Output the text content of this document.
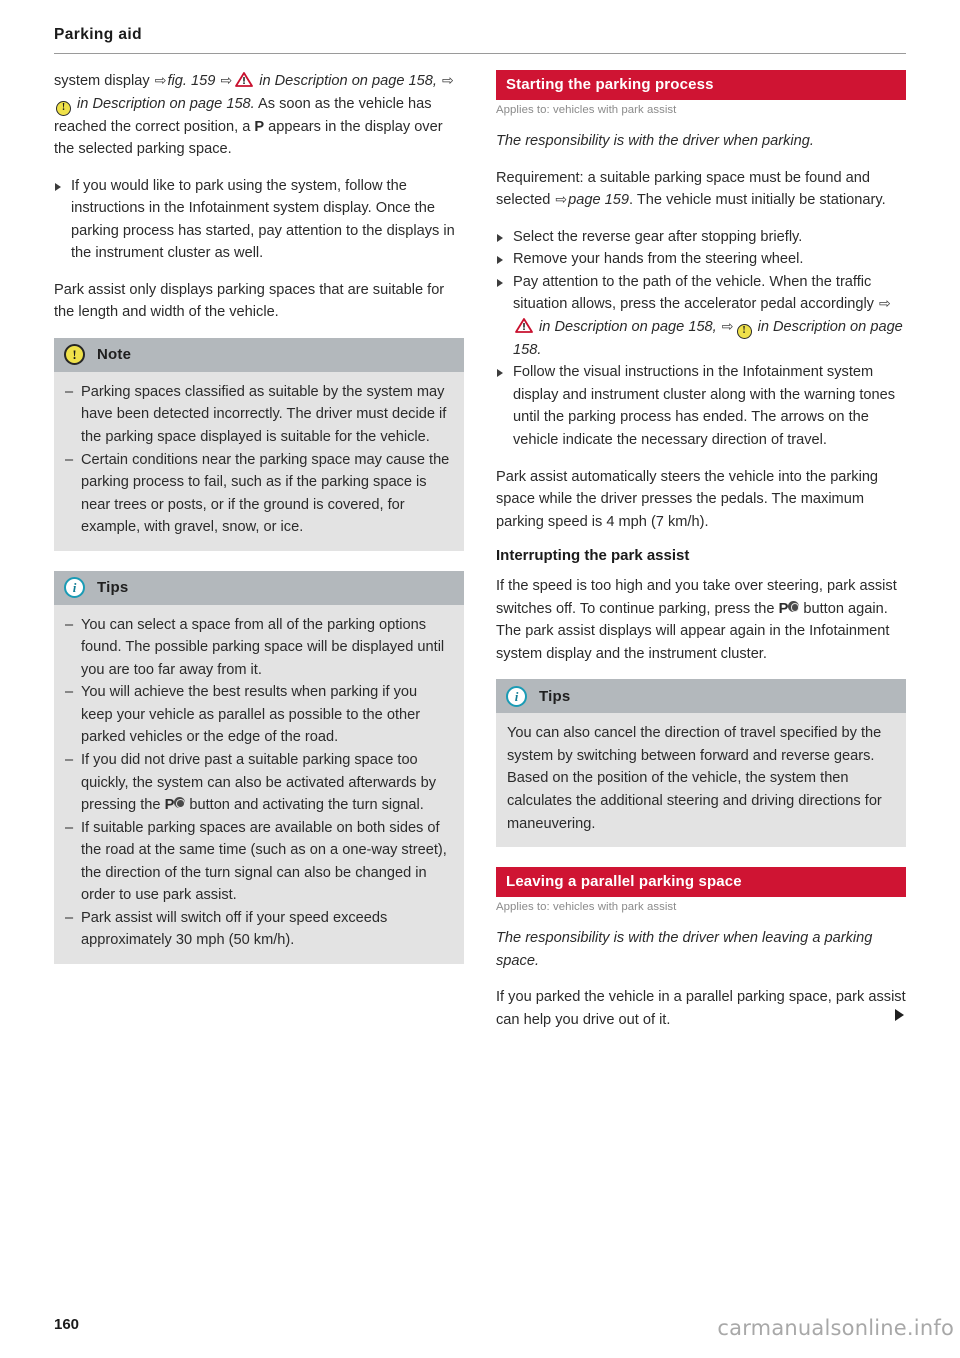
Parking aid

system display ⇨fig. 159 ⇨
in Description on page 158, ⇨! in Description on page 158. As soon as the vehicle has reached the correct position, a P appears in the display over the selected parking space.

If you would like to park using the system, follow the instructions in the Infotainment system display. Once the parking process has started, pay attention to the displays in the instrument cluster as well.

Park assist only displays parking spaces that are suitable for the length and width of the vehicle.

!	Note
– Parking spaces classified as suitable by the system may have been detected incorrectly. The driver must decide if the parking space displayed is suitable for the vehicle.
– Certain conditions near the parking space may cause the parking process to fail, such as if the parking space is near trees or posts, or if the ground is covered, for example, with gravel, snow, or ice.
i	Tips
– You can select a space from all of the parking options found. The possible parking space will be displayed until you are too far away from it.
– You will achieve the best results when parking if you keep your vehicle as parallel as possible to the other parked vehicles or the edge of the road.
– If you did not drive past a suitable parking space too quickly, the system can also be activated afterwards by pressing the P button and activating the turn signal.
– If suitable parking spaces are available on both sides of the road at the same time (such as on a one-way street), the direction of the turn signal can also be changed in order to use park assist.
– Park assist will switch off if your speed exceeds approximately 30 mph (50 km/h).
Starting the parking process
Applies to: vehicles with park assist

The responsibility is with the driver when parking.

Requirement: a suitable parking space must be found and selected ⇨page 159. The vehicle must initially be stationary.

Select the reverse gear after stopping briefly.
Remove your hands from the steering wheel.
Pay attention to the path of the vehicle. When the traffic situation allows, press the accelerator pedal accordingly ⇨
in Description on page 158, ⇨ ! in Description on page 158.
Follow the visual instructions in the Infotainment system display and instrument cluster along with the warning tones until the parking process has ended. The arrows on the vehicle indicate the necessary direction of travel.

Park assist automatically steers the vehicle into the parking space while the driver presses the pedals. The maximum parking speed is 4 mph (7 km/h).

Interrupting the park assist

If the speed is too high and you take over steering, park assist switches off. To continue parking, press the P button again. The park assist displays will appear again in the Infotainment system display and the instrument cluster.

i	Tips

You can also cancel the direction of travel specified by the system by switching between forward and reverse gears. Based on the position of the vehicle, the system then calculates the additional steering and driving directions for maneuvering.

Leaving a parallel parking space
Applies to: vehicles with park assist

The responsibility is with the driver when leaving a parking space.

If you parked the vehicle in a parallel parking space, park assist can help you drive out of it.

160	carmanualsonline.info
